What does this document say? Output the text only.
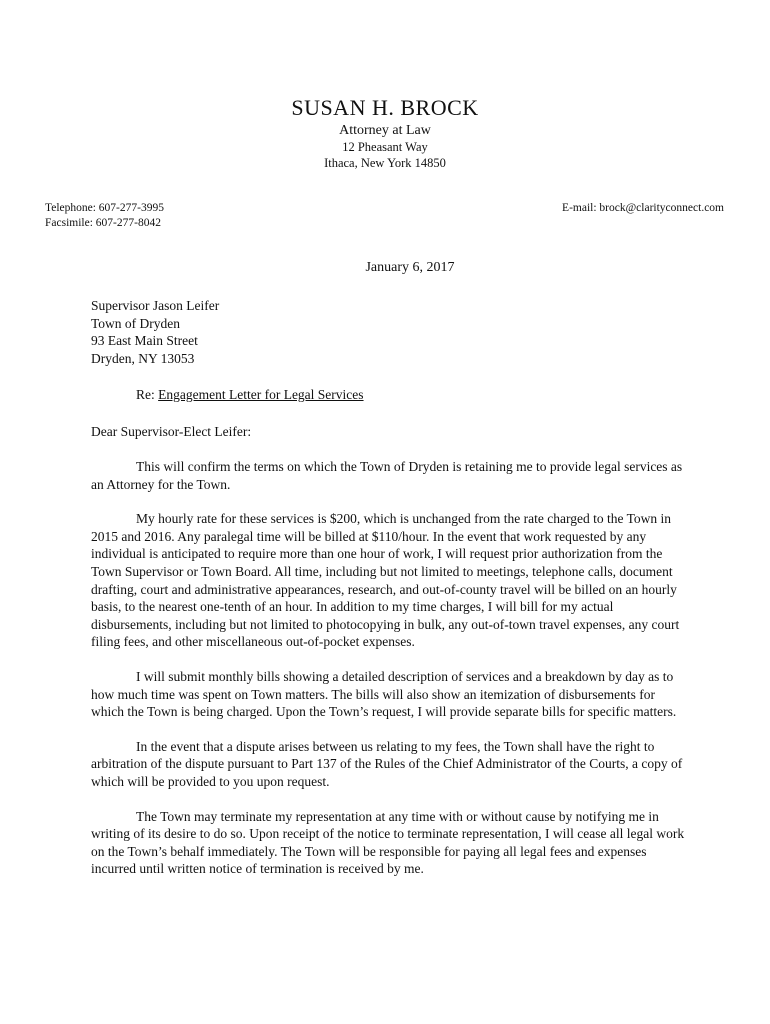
SUSAN H. BROCK
Attorney at Law
12 Pheasant Way
Ithaca, New York 14850
Telephone: 607-277-3995
Facsimile: 607-277-8042
E-mail: brock@clarityconnect.com
January 6, 2017
Supervisor Jason Leifer
Town of Dryden
93 East Main Street
Dryden, NY 13053
Re: Engagement Letter for Legal Services
Dear Supervisor-Elect Leifer:

This will confirm the terms on which the Town of Dryden is retaining me to provide legal services as an Attorney for the Town.

My hourly rate for these services is $200, which is unchanged from the rate charged to the Town in 2015 and 2016. Any paralegal time will be billed at $110/hour. In the event that work requested by any individual is anticipated to require more than one hour of work, I will request prior authorization from the Town Supervisor or Town Board. All time, including but not limited to meetings, telephone calls, document drafting, court and administrative appearances, research, and out-of-county travel will be billed on an hourly basis, to the nearest one-tenth of an hour. In addition to my time charges, I will bill for my actual disbursements, including but not limited to photocopying in bulk, any out-of-town travel expenses, any court filing fees, and other miscellaneous out-of-pocket expenses.

I will submit monthly bills showing a detailed description of services and a breakdown by day as to how much time was spent on Town matters. The bills will also show an itemization of disbursements for which the Town is being charged. Upon the Town’s request, I will provide separate bills for specific matters.

In the event that a dispute arises between us relating to my fees, the Town shall have the right to arbitration of the dispute pursuant to Part 137 of the Rules of the Chief Administrator of the Courts, a copy of which will be provided to you upon request.

The Town may terminate my representation at any time with or without cause by notifying me in writing of its desire to do so. Upon receipt of the notice to terminate representation, I will cease all legal work on the Town’s behalf immediately. The Town will be responsible for paying all legal fees and expenses incurred until written notice of termination is received by me.
